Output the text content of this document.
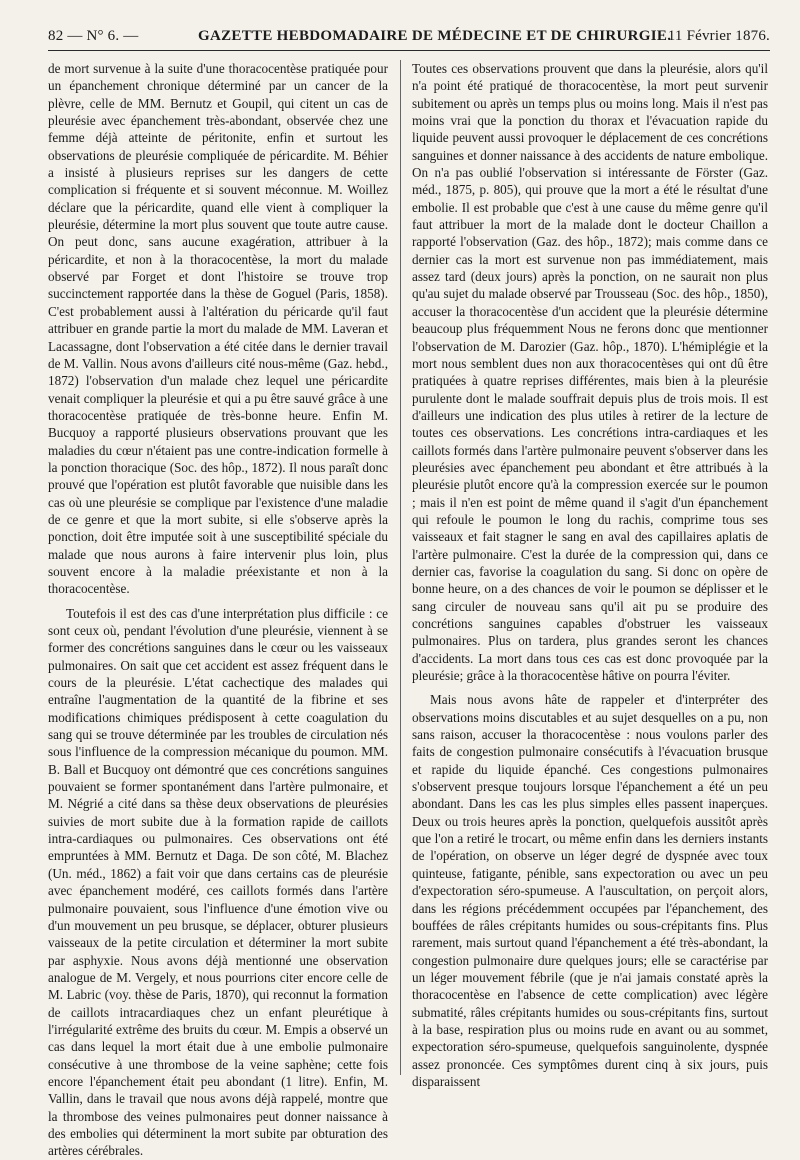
82 — N° 6. —	GAZETTE HEBDOMADAIRE DE MÉDECINE ET DE CHIRURGIE.
11 Février 1876.

de mort survenue à la suite d'une thoracocentèse pratiquée pour un épanchement chronique déterminé par un cancer de la plèvre, celle de MM. Bernutz et Goupil, qui citent un cas de pleurésie avec épanchement très-abondant, observée chez une femme déjà atteinte de péritonite, enfin et surtout les observations de pleurésie compliquée de péricardite. M. Béhier a insisté à plusieurs reprises sur les dangers de cette complication si fréquente et si souvent méconnue. M. Woillez déclare que la péricardite, quand elle vient à compliquer la pleurésie, détermine la mort plus souvent que toute autre cause. On peut donc, sans aucune exagération, attribuer à la péricardite, et non à la thoracocentèse, la mort du malade observé par Forget et dont l'histoire se trouve trop succinctement rapportée dans la thèse de Goguel (Paris, 1858). C'est probablement aussi à l'altération du péricarde qu'il faut attribuer en grande partie la mort du malade de MM. Laveran et Lacassagne, dont l'observation a été citée dans le dernier travail de M. Vallin. Nous avons d'ailleurs cité nous-même (Gaz. hebd., 1872) l'observation d'un malade chez lequel une péricardite venait compliquer la pleurésie et qui a pu être sauvé grâce à une thoracocentèse pratiquée de très-bonne heure. Enfin M. Bucquoy a rapporté plusieurs observations prouvant que les maladies du cœur n'étaient pas une contre-indication formelle à la ponction thoracique (Soc. des hôp., 1872). Il nous paraît donc prouvé que l'opération est plutôt favorable que nuisible dans les cas où une pleurésie se complique par l'existence d'une maladie de ce genre et que la mort subite, si elle s'observe après la ponction, doit être imputée soit à une susceptibilité spéciale du malade que nous aurons à faire intervenir plus loin, plus souvent encore à la maladie préexistante et non à la thoracocentèse.

Toutefois il est des cas d'une interprétation plus difficile : ce sont ceux où, pendant l'évolution d'une pleurésie, viennent à se former des concrétions sanguines dans le cœur ou les vaisseaux pulmonaires. On sait que cet accident est assez fréquent dans le cours de la pleurésie. L'état cachectique des malades qui entraîne l'augmentation de la quantité de la fibrine et ses modifications chimiques prédisposent à cette coagulation du sang qui se trouve déterminée par les troubles de circulation nés sous l'influence de la compression mécanique du poumon. MM. B. Ball et Bucquoy ont démontré que ces concrétions sanguines pouvaient se former spontanément dans l'artère pulmonaire, et M. Négrié a cité dans sa thèse deux observations de pleurésies suivies de mort subite due à la formation rapide de caillots intra-cardiaques ou pulmonaires. Ces observations ont été empruntées à MM. Bernutz et Daga. De son côté, M. Blachez (Un. méd., 1862) a fait voir que dans certains cas de pleurésie avec épanchement modéré, ces caillots formés dans l'artère pulmonaire pouvaient, sous l'influence d'une émotion vive ou d'un mouvement un peu brusque, se déplacer, obturer plusieurs vaisseaux de la petite circulation et déterminer la mort subite par asphyxie. Nous avons déjà mentionné une observation analogue de M. Vergely, et nous pourrions citer encore celle de M. Labric (voy. thèse de Paris, 1870), qui reconnut la formation de caillots intracardiaques chez un enfant pleurétique à l'irrégularité extrême des bruits du cœur. M. Empis a observé un cas dans lequel la mort était due à une embolie pulmonaire consécutive à une thrombose de la veine saphène; cette fois encore l'épanchement était peu abondant (1 litre). Enfin, M. Vallin, dans le travail que nous avons déjà rappelé, montre que la thrombose des veines pulmonaires peut donner naissance à des embolies qui déterminent la mort subite par obturation des artères cérébrales.

Toutes ces observations prouvent que dans la pleurésie, alors qu'il n'a point été pratiqué de thoracocentèse, la mort peut survenir subitement ou après un temps plus ou moins long. Mais il n'est pas moins vrai que la ponction du thorax et l'évacuation rapide du liquide peuvent aussi provoquer le déplacement de ces concrétions sanguines et donner naissance à des accidents de nature embolique. On n'a pas oublié l'observation si intéressante de Förster (Gaz. méd., 1875, p. 805), qui prouve que la mort a été le résultat d'une embolie. Il est probable que c'est à une cause du même genre qu'il faut attribuer la mort de la malade dont le docteur Chaillon a rapporté l'observation (Gaz. des hôp., 1872); mais comme dans ce dernier cas la mort est survenue non pas immédiatement, mais assez tard (deux jours) après la ponction, on ne saurait non plus qu'au sujet du malade observé par Trousseau (Soc. des hôp., 1850), accuser la thoracocentèse d'un accident que la pleurésie détermine beaucoup plus fréquemment Nous ne ferons donc que mentionner l'observation de M. Darozier (Gaz. hôp., 1870). L'hémiplégie et la mort nous semblent dues non aux thoracocentèses qui ont dû être pratiquées à quatre reprises différentes, mais bien à la pleurésie purulente dont le malade souffrait depuis plus de trois mois. Il est d'ailleurs une indication des plus utiles à retirer de la lecture de toutes ces observations. Les concrétions intra-cardiaques et les caillots formés dans l'artère pulmonaire peuvent s'observer dans les pleurésies avec épanchement peu abondant et être attribués à la pleurésie plutôt encore qu'à la compression exercée sur le poumon ; mais il n'en est point de même quand il s'agit d'un épanchement qui refoule le poumon le long du rachis, comprime tous ses vaisseaux et fait stagner le sang en aval des capillaires aplatis de l'artère pulmonaire. C'est la durée de la compression qui, dans ce dernier cas, favorise la coagulation du sang. Si donc on opère de bonne heure, on a des chances de voir le poumon se déplisser et le sang circuler de nouveau sans qu'il ait pu se produire des concrétions sanguines capables d'obstruer les vaisseaux pulmonaires. Plus on tardera, plus grandes seront les chances d'accidents. La mort dans tous ces cas est donc provoquée par la pleurésie; grâce à la thoracocentèse hâtive on pourra l'éviter.

Mais nous avons hâte de rappeler et d'interpréter des observations moins discutables et au sujet desquelles on a pu, non sans raison, accuser la thoracocentèse : nous voulons parler des faits de congestion pulmonaire consécutifs à l'évacuation brusque et rapide du liquide épanché. Ces congestions pulmonaires s'observent presque toujours lorsque l'épanchement a été un peu abondant. Dans les cas les plus simples elles passent inaperçues. Deux ou trois heures après la ponction, quelquefois aussitôt après que l'on a retiré le trocart, ou même enfin dans les derniers instants de l'opération, on observe un léger degré de dyspnée avec toux quinteuse, fatigante, pénible, sans expectoration ou avec un peu d'expectoration séro-spumeuse. A l'auscultation, on perçoit alors, dans les régions précédemment occupées par l'épanchement, des bouffées de râles crépitants humides ou sous-crépitants fins. Plus rarement, mais surtout quand l'épanchement a été très-abondant, la congestion pulmonaire dure quelques jours; elle se caractérise par un léger mouvement fébrile (que je n'ai jamais constaté après la thoracocentèse en l'absence de cette complication) avec légère submatité, râles crépitants humides ou sous-crépitants fins, surtout à la base, respiration plus ou moins rude en avant ou au sommet, expectoration séro-spumeuse, quelquefois sanguinolente, dyspnée assez prononcée. Ces symptômes durent cinq à six jours, puis disparaissent
